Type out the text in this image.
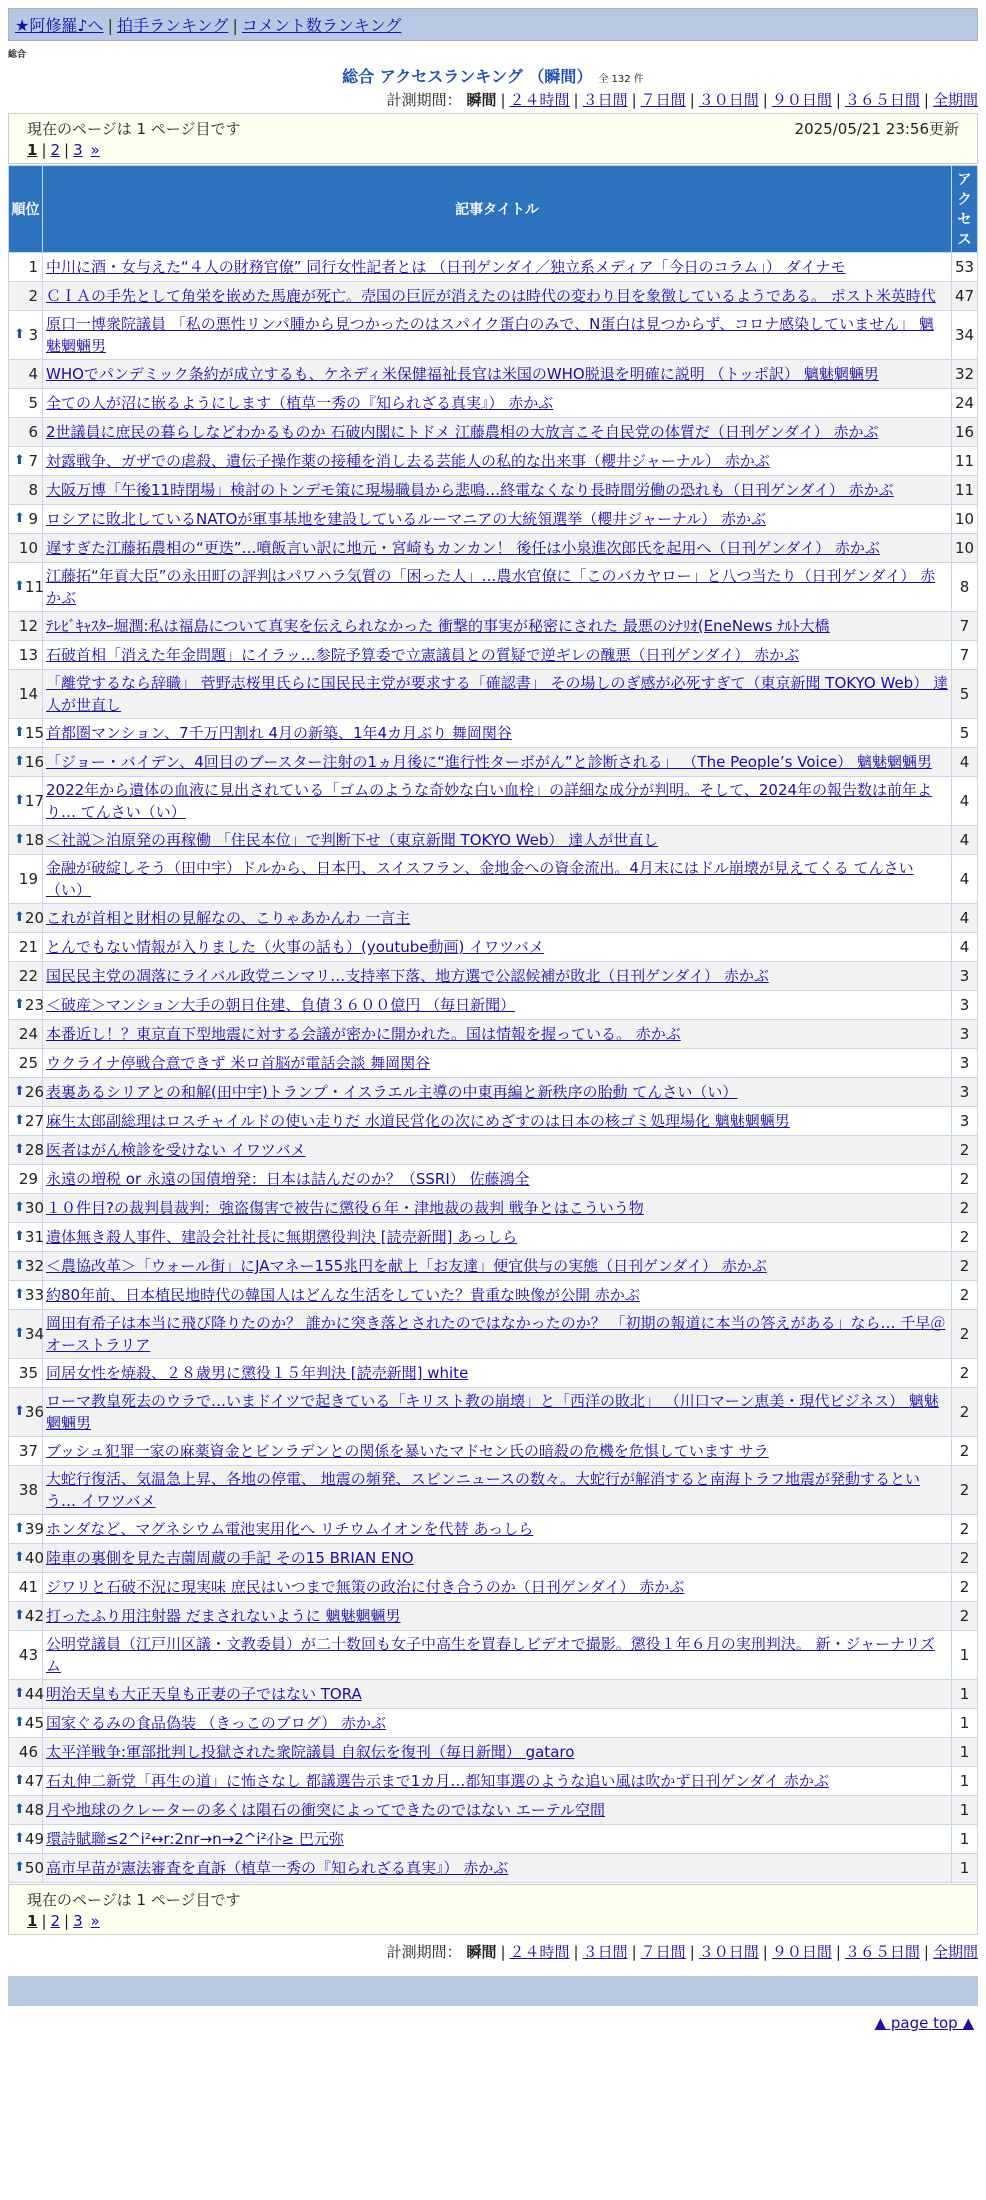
★阿修羅♪へ | 拍手ランキング | コメント数ランキング
総合
総合 アクセスランキング （瞬間） 全 132 件
計測期間： 瞬間 | ２４時間 | ３日間 | ７日間 | ３０日間 | ９０日間 | ３６５日間 | 全期間
現在のページは 1 ページ目です	2025/05/21 23:56更新
1 | 2 | 3 »
順位	記事タイトル	アクセス
1	中川に酒・女与えた“４人の財務官僚” 同行女性記者とは （日刊ゲンダイ／独立系メディア「今日のコラム」） ダイナモ	53
2	ＣＩＡの手先として角栄を嵌めた馬鹿が死亡。売国の巨匠が消えたのは時代の変わり目を象徴しているようである。 ポスト米英時代	47

⬆ 3	原口一博衆院議員 「私の悪性リンパ腫から見つかったのはスパイク蛋白のみで、N蛋白は見つからず、コロナ感染していません」 魑魅魍魎男	34
4	WHOでパンデミック条約が成立するも、ケネディ米保健福祉長官は米国のWHO脱退を明確に説明 （トッポ訳） 魑魅魍魎男	32
5	全ての人が沼に嵌るようにします（植草一秀の『知られざる真実』） 赤かぶ	24
6	2世議員に庶民の暮らしなどわかるものか 石破内閣にトドメ 江藤農相の大放言こそ自民党の体質だ（日刊ゲンダイ） 赤かぶ	16

⬆ 7	対露戦争、ガザでの虐殺、遺伝子操作薬の接種を消し去る芸能人の私的な出来事（櫻井ジャーナル） 赤かぶ	11
8	大阪万博「午後11時閉場」検討のトンデモ策に現場職員から悲鳴…終電なくなり長時間労働の恐れも（日刊ゲンダイ） 赤かぶ	11

⬆ 9	ロシアに敗北しているNATOが軍事基地を建設しているルーマニアの大統領選挙（櫻井ジャーナル） 赤かぶ	10
10	遅すぎた江藤拓農相の“更迭”…噴飯言い訳に地元・宮崎もカンカン！ 後任は小泉進次郎氏を起用へ（日刊ゲンダイ） 赤かぶ	10

⬆ 11	江藤拓“年貢大臣”の永田町の評判はパワハラ気質の「困った人」…農水官僚に「このバカヤロー」と八つ当たり（日刊ゲンダイ） 赤かぶ	8
12	ﾃﾚﾋﾞｷｬｽﾀｰ堀潤:私は福島について真実を伝えられなかった 衝撃的事実が秘密にされた 最悪のｼﾅﾘｵ(EneNews ﾅﾙﾄ大橋	7
13	石破首相「消えた年金問題」にイラッ…参院予算委で立憲議員との質疑で逆ギレの醜悪（日刊ゲンダイ） 赤かぶ	7
14	「離党するなら辞職」 菅野志桜里氏らに国民民主党が要求する「確認書」 その場しのぎ感が必死すぎて（東京新聞 TOKYO Web） 達人が世直し	5

⬆ 15	首都圏マンション、7千万円割れ 4月の新築、1年4カ月ぶり 舞岡関谷	5

⬆ 16	「ジョー・バイデン、4回目のブースター注射の1ヵ月後に“進行性ターボがん”と診断される」 （The People’s Voice） 魑魅魍魎男	4

⬆ 17	2022年から遺体の血液に見出されている「ゴムのような奇妙な白い血栓」の詳細な成分が判明。そして、2024年の報告数は前年より… てんさい（い）	4

⬆ 18	＜社説＞泊原発の再稼働 「住民本位」で判断下せ（東京新聞 TOKYO Web） 達人が世直し	4
19	金融が破綻しそう（田中宇）ドルから、日本円、スイスフラン、金地金への資金流出。4月末にはドル崩壊が見えてくる てんさい（い）	4

⬆ 20	これが首相と財相の見解なの、こりゃあかんわ 一言主	4
21	とんでもない情報が入りました（火事の話も）(youtube動画) イワツバメ	4
22	国民民主党の凋落にライバル政党ニンマリ…支持率下落、地方選で公認候補が敗北（日刊ゲンダイ） 赤かぶ	3

⬆ 23	＜破産＞マンション大手の朝日住建、負債３６００億円 （毎日新聞）	3
24	本番近し！？東京直下型地震に対する会議が密かに開かれた。国は情報を握っている。 赤かぶ	3
25	ウクライナ停戦合意できず 米ロ首脳が電話会談 舞岡関谷	3

⬆ 26	表裏あるシリアとの和解(田中宇)トランプ・イスラエル主導の中東再編と新秩序の胎動 てんさい（い）	3

⬆ 27	麻生太郎副総理はロスチャイルドの使い走りだ 水道民営化の次にめざすのは日本の核ゴミ処理場化 魑魅魍魎男	3

⬆ 28	医者はがん検診を受けない イワツバメ	2
29	永遠の増税 or 永遠の国債増発：日本は詰んだのか？（SSRI） 佐藤鴻全	2

⬆ 30	１０件目?の裁判員裁判：強盗傷害で被告に懲役６年・津地裁の裁判 戦争とはこういう物	2

⬆ 31	遺体無き殺人事件、建設会社社長に無期懲役判決 [読売新聞] あっしら	2

⬆ 32	＜農協改革＞「ウォール街」にJAマネー155兆円を献上「お友達」便宜供与の実態（日刊ゲンダイ） 赤かぶ	2

⬆ 33	約80年前、日本植民地時代の韓国人はどんな生活をしていた？貴重な映像が公開 赤かぶ	2

⬆ 34	岡田有希子は本当に飛び降りたのか？ 誰かに突き落とされたのではなかったのか？ 「初期の報道に本当の答えがある」なら… 千早＠オーストラリア	2
35	同居女性を焼殺、２８歳男に懲役１５年判決 [読売新聞] white	2

⬆ 36	ローマ教皇死去のウラで…いまドイツで起きている「キリスト教の崩壊」と「西洋の敗北」 （川口マーン恵美・現代ビジネス） 魑魅魍魎男	2
37	ブッシュ犯罪一家の麻薬資金とビンラデンとの関係を暴いたマドセン氏の暗殺の危機を危惧しています サラ	2
38	大蛇行復活、気温急上昇、各地の停電、 地震の頻発、スピンニュースの数々。大蛇行が解消すると南海トラフ地震が発動するという… イワツバメ	2

⬆ 39	ホンダなど、マグネシウム電池実用化へ リチウムイオンを代替 あっしら	2

⬆ 40	陸車の裏側を見た吉薗周蔵の手記 その15 BRIAN ENO	2
41	ジワリと石破不況に現実味 庶民はいつまで無策の政治に付き合うのか（日刊ゲンダイ） 赤かぶ	2

⬆ 42	打ったふり用注射器 だまされないように 魑魅魍魎男	2
43	公明党議員（江戸川区議・文教委員）が二十数回も女子中高生を買春しビデオで撮影。懲役１年６月の実刑判決。 新・ジャーナリズム	1

⬆ 44	明治天皇も大正天皇も正妻の子ではない TORA	1

⬆ 45	国家ぐるみの食品偽装 （きっこのブログ） 赤かぶ	1
46	太平洋戦争:軍部批判し投獄された衆院議員 自叙伝を復刊（毎日新聞） gataro	1

⬆ 47	石丸伸二新党「再生の道」に怖さなし 都議選告示まで1カ月…都知事選のような追い風は吹かず日刊ゲンダイ 赤かぶ	1

⬆ 48	月や地球のクレーターの多くは隕石の衝突によってできたのではない エーテル空間	1

⬆ 49	環詩賦聯≤2^i²↔r:2nr→n→2^i²ｲﾄ≥ 巴元弥	1

⬆ 50	高市早苗が憲法審査を直訴（植草一秀の『知られざる真実』） 赤かぶ	1
現在のページは 1 ページ目です
1 | 2 | 3 »
計測期間： 瞬間 | ２４時間 | ３日間 | ７日間 | ３０日間 | ９０日間 | ３６５日間 | 全期間
▲ page top ▲
